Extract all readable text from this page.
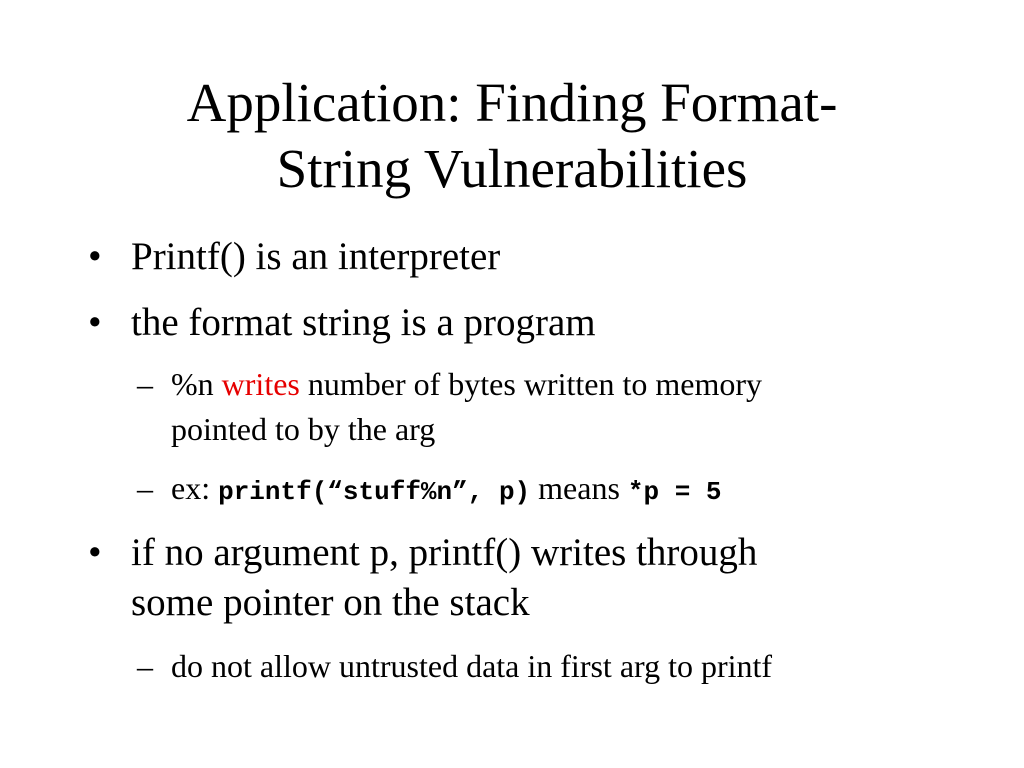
Application: Finding Format-
String Vulnerabilities
• Printf() is an interpreter
• the format string is a program
– %n writes number of bytes written to memory
pointed to by the arg
– ex: printf(“stuff%n”, p) means *p = 5
• if no argument p, printf() writes through
some pointer on the stack
– do not allow untrusted data in first arg to printf
